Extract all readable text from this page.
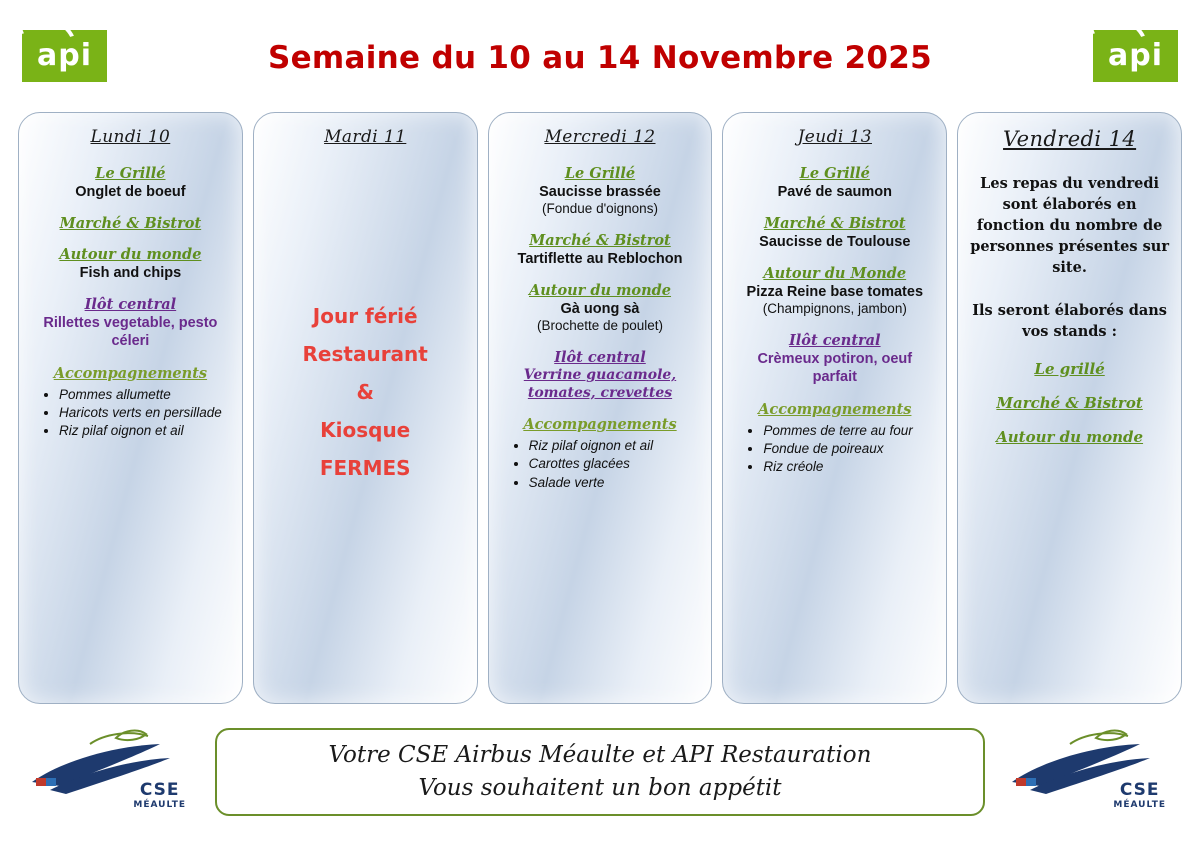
api	Semaine du 10 au 14 Novembre 2025	api
Lundi 10
Le Grillé
Onglet de boeuf
Marché & Bistrot
Autour du monde
Fish and chips
Ilôt central
Rillettes vegetable, pesto céleri
Accompagnements
• Pommes allumette
• Haricots verts en persillade
• Riz pilaf oignon et ail
Mardi 11
Jour férié
Restaurant
&
Kiosque
FERMES
Mercredi 12
Le Grillé
Saucisse brassée
(Fondue d'oignons)
Marché & Bistrot
Tartiflette au Reblochon
Autour du monde
Gà uong sà
(Brochette de poulet)
Ilôt central
Verrine guacamole, tomates, crevettes
Accompagnements
• Riz pilaf oignon et ail
• Carottes glacées
• Salade verte
Jeudi 13
Le Grillé
Pavé de saumon
Marché & Bistrot
Saucisse de Toulouse
Autour du Monde
Pizza Reine base tomates
(Champignons, jambon)
Ilôt central
Crèmeux potiron, oeuf parfait
Accompagnements
• Pommes de terre au four
• Fondue de poireaux
• Riz créole
Vendredi 14
Les repas du vendredi sont élaborés en fonction du nombre de personnes présentes sur site.
Ils seront élaborés dans vos stands :
Le grillé
Marché & Bistrot
Autour du monde
CSE
MÉAULTE
Votre CSE Airbus Méaulte et API Restauration
Vous souhaitent un bon appétit	CSE
MÉAULTE
